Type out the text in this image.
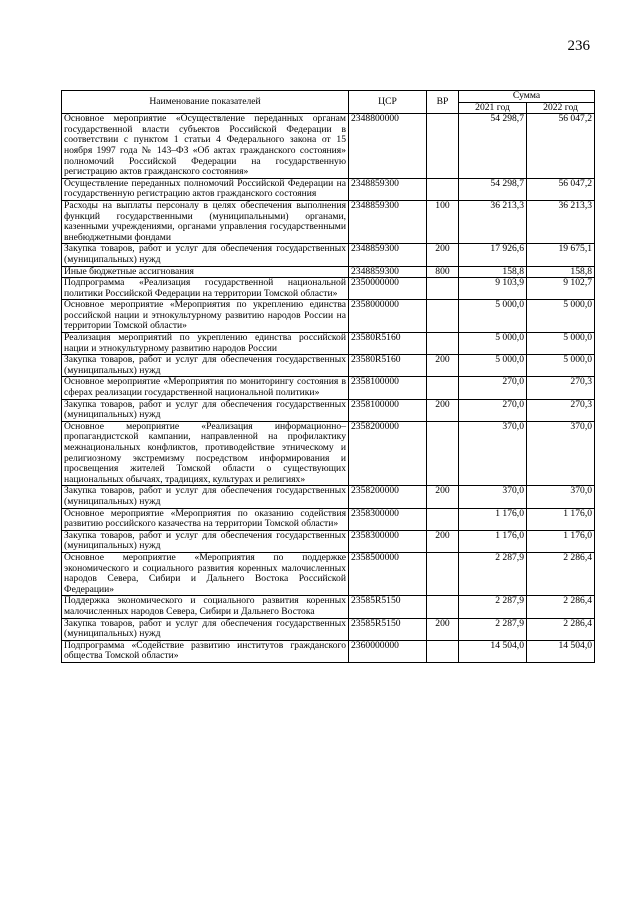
236
Наименование показателей	ЦСР	ВР	Сумма	
			2021 год	2022 год
Основное мероприятие «Осуществление переданных органам государственной власти субъектов Российской Федерации в соответствии с пунктом 1 статьи 4 Федерального закона от 15 ноября 1997 года № 143–ФЗ «Об актах гражданского состояния» полномочий Российской Федерации на государственную регистрацию актов гражданского состояния»	2348800000		54 298,7	56 047,2
Осуществление переданных полномочий Российской Федерации на государственную регистрацию актов гражданского состояния	2348859300		54 298,7	56 047,2
Расходы на выплаты персоналу в целях обеспечения выполнения функций государственными (муниципальными) органами, казенными учреждениями, органами управления государственными внебюджетными фондами	2348859300	100	36 213,3	36 213,3
Закупка товаров, работ и услуг для обеспечения государственных (муниципальных) нужд	2348859300	200	17 926,6	19 675,1
Иные бюджетные ассигнования	2348859300	800	158,8	158,8
Подпрограмма «Реализация государственной национальной политики Российской Федерации на территории Томской области»	2350000000		9 103,9	9 102,7
Основное мероприятие «Мероприятия по укреплению единства российской нации и этнокультурному развитию народов России на территории Томской области»	2358000000		5 000,0	5 000,0
Реализация мероприятий по укреплению единства российской нации и этнокультурному развитию народов России	23580R5160		5 000,0	5 000,0
Закупка товаров, работ и услуг для обеспечения государственных (муниципальных) нужд	23580R5160	200	5 000,0	5 000,0
Основное мероприятие «Мероприятия по мониторингу состояния в сферах реализации государственной национальной политики»	2358100000		270,0	270,3
Закупка товаров, работ и услуг для обеспечения государственных (муниципальных) нужд	2358100000	200	270,0	270,3
Основное мероприятие «Реализация информационно–пропагандистской кампании, направленной на профилактику межнациональных конфликтов, противодействие этническому и религиозному экстремизму посредством информирования и просвещения жителей Томской области о существующих национальных обычаях, традициях, культурах и религиях»	2358200000		370,0	370,0
Закупка товаров, работ и услуг для обеспечения государственных (муниципальных) нужд	2358200000	200	370,0	370,0
Основное мероприятие «Мероприятия по оказанию содействия развитию российского казачества на территории Томской области»	2358300000		1 176,0	1 176,0
Закупка товаров, работ и услуг для обеспечения государственных (муниципальных) нужд	2358300000	200	1 176,0	1 176,0
Основное мероприятие «Мероприятия по поддержке экономического и социального развития коренных малочисленных народов Севера, Сибири и Дальнего Востока Российской Федерации»	2358500000		2 287,9	2 286,4
Поддержка экономического и социального развития коренных малочисленных народов Севера, Сибири и Дальнего Востока	23585R5150		2 287,9	2 286,4
Закупка товаров, работ и услуг для обеспечения государственных (муниципальных) нужд	23585R5150	200	2 287,9	2 286,4
Подпрограмма «Содействие развитию институтов гражданского общества Томской области»	2360000000		14 504,0	14 504,0
